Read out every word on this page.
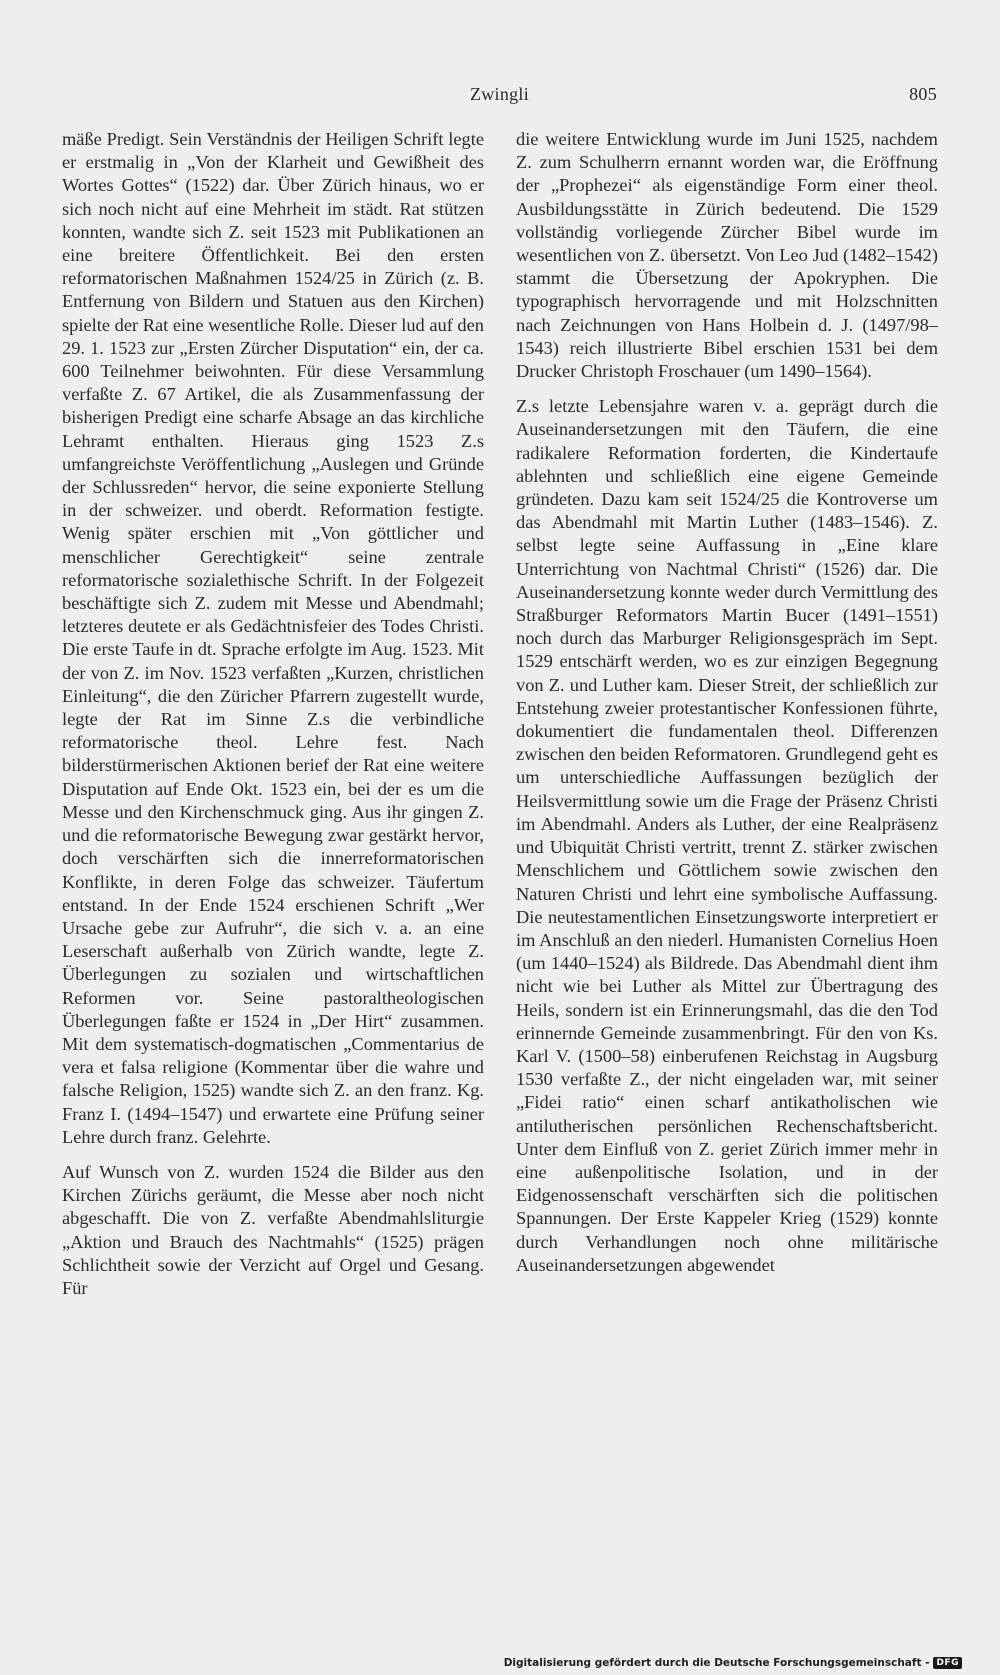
Zwingli	805

mäße Predigt. Sein Verständnis der Heiligen Schrift legte er erstmalig in „Von der Klarheit und Gewißheit des Wortes Gottes“ (1522) dar. Über Zürich hinaus, wo er sich noch nicht auf eine Mehrheit im städt. Rat stützen konnten, wandte sich Z. seit 1523 mit Publikationen an eine breitere Öffentlichkeit. Bei den ersten reformatorischen Maßnahmen 1524/25 in Zürich (z. B. Entfernung von Bildern und Statuen aus den Kirchen) spielte der Rat eine wesentliche Rolle. Dieser lud auf den 29. 1. 1523 zur „Ersten Zürcher Disputation“ ein, der ca. 600 Teilnehmer beiwohnten. Für diese Versammlung verfaßte Z. 67 Artikel, die als Zusammenfassung der bisherigen Predigt eine scharfe Absage an das kirchliche Lehramt enthalten. Hieraus ging 1523 Z.s umfangreichste Veröffentlichung „Auslegen und Gründe der Schlussreden“ hervor, die seine exponierte Stellung in der schweizer. und oberdt. Reformation festigte. Wenig später erschien mit „Von göttlicher und menschlicher Gerechtigkeit“ seine zentrale reformatorische sozialethische Schrift. In der Folgezeit beschäftigte sich Z. zudem mit Messe und Abendmahl; letzteres deutete er als Gedächtnisfeier des Todes Christi. Die erste Taufe in dt. Sprache erfolgte im Aug. 1523. Mit der von Z. im Nov. 1523 verfaßten „Kurzen, christlichen Einleitung“, die den Züricher Pfarrern zugestellt wurde, legte der Rat im Sinne Z.s die verbindliche reformatorische theol. Lehre fest. Nach bilderstürmerischen Aktionen berief der Rat eine weitere Disputation auf Ende Okt. 1523 ein, bei der es um die Messe und den Kirchenschmuck ging. Aus ihr gingen Z. und die reformatorische Bewegung zwar gestärkt hervor, doch verschärften sich die innerreformatorischen Konflikte, in deren Folge das schweizer. Täufertum entstand. In der Ende 1524 erschienen Schrift „Wer Ursache gebe zur Aufruhr“, die sich v. a. an eine Leserschaft außerhalb von Zürich wandte, legte Z. Überlegungen zu sozialen und wirtschaftlichen Reformen vor. Seine pastoraltheologischen Überlegungen faßte er 1524 in „Der Hirt“ zusammen. Mit dem systematisch-dogmatischen „Commentarius de vera et falsa religione (Kommentar über die wahre und falsche Religion, 1525) wandte sich Z. an den franz. Kg. Franz I. (1494–1547) und erwartete eine Prüfung seiner Lehre durch franz. Gelehrte.

Auf Wunsch von Z. wurden 1524 die Bilder aus den Kirchen Zürichs geräumt, die Messe aber noch nicht abgeschafft. Die von Z. verfaßte Abendmahlsliturgie „Aktion und Brauch des Nachtmahls“ (1525) prägen Schlichtheit sowie der Verzicht auf Orgel und Gesang. Für

die weitere Entwicklung wurde im Juni 1525, nachdem Z. zum Schulherrn ernannt worden war, die Eröffnung der „Prophezei“ als eigenständige Form einer theol. Ausbildungsstätte in Zürich bedeutend. Die 1529 vollständig vorliegende Zürcher Bibel wurde im wesentlichen von Z. übersetzt. Von Leo Jud (1482–1542) stammt die Übersetzung der Apokryphen. Die typographisch hervorragende und mit Holzschnitten nach Zeichnungen von Hans Holbein d. J. (1497/98–1543) reich illustrierte Bibel erschien 1531 bei dem Drucker Christoph Froschauer (um 1490–1564).

Z.s letzte Lebensjahre waren v. a. geprägt durch die Auseinandersetzungen mit den Täufern, die eine radikalere Reformation forderten, die Kindertaufe ablehnten und schließlich eine eigene Gemeinde gründeten. Dazu kam seit 1524/25 die Kontroverse um das Abendmahl mit Martin Luther (1483–1546). Z. selbst legte seine Auffassung in „Eine klare Unterrichtung von Nachtmal Christi“ (1526) dar. Die Auseinandersetzung konnte weder durch Vermittlung des Straßburger Reformators Martin Bucer (1491–1551) noch durch das Marburger Religionsgespräch im Sept. 1529 entschärft werden, wo es zur einzigen Begegnung von Z. und Luther kam. Dieser Streit, der schließlich zur Entstehung zweier protestantischer Konfessionen führte, dokumentiert die fundamentalen theol. Differenzen zwischen den beiden Reformatoren. Grundlegend geht es um unterschiedliche Auffassungen bezüglich der Heilsvermittlung sowie um die Frage der Präsenz Christi im Abendmahl. Anders als Luther, der eine Realpräsenz und Ubiquität Christi vertritt, trennt Z. stärker zwischen Menschlichem und Göttlichem sowie zwischen den Naturen Christi und lehrt eine symbolische Auffassung. Die neutestamentlichen Einsetzungsworte interpretiert er im Anschluß an den niederl. Humanisten Cornelius Hoen (um 1440–1524) als Bildrede. Das Abendmahl dient ihm nicht wie bei Luther als Mittel zur Übertragung des Heils, sondern ist ein Erinnerungsmahl, das die den Tod erinnernde Gemeinde zusammenbringt. Für den von Ks. Karl V. (1500–58) einberufenen Reichstag in Augsburg 1530 verfaßte Z., der nicht eingeladen war, mit seiner „Fidei ratio“ einen scharf antikatholischen wie antilutherischen persönlichen Rechenschaftsbericht. Unter dem Einfluß von Z. geriet Zürich immer mehr in eine außenpolitische Isolation, und in der Eidgenossenschaft verschärften sich die politischen Spannungen. Der Erste Kappeler Krieg (1529) konnte durch Verhandlungen noch ohne militärische Auseinandersetzungen abgewendet

Digitalisierung gefördert durch die Deutsche Forschungsgemeinschaft - DFG
